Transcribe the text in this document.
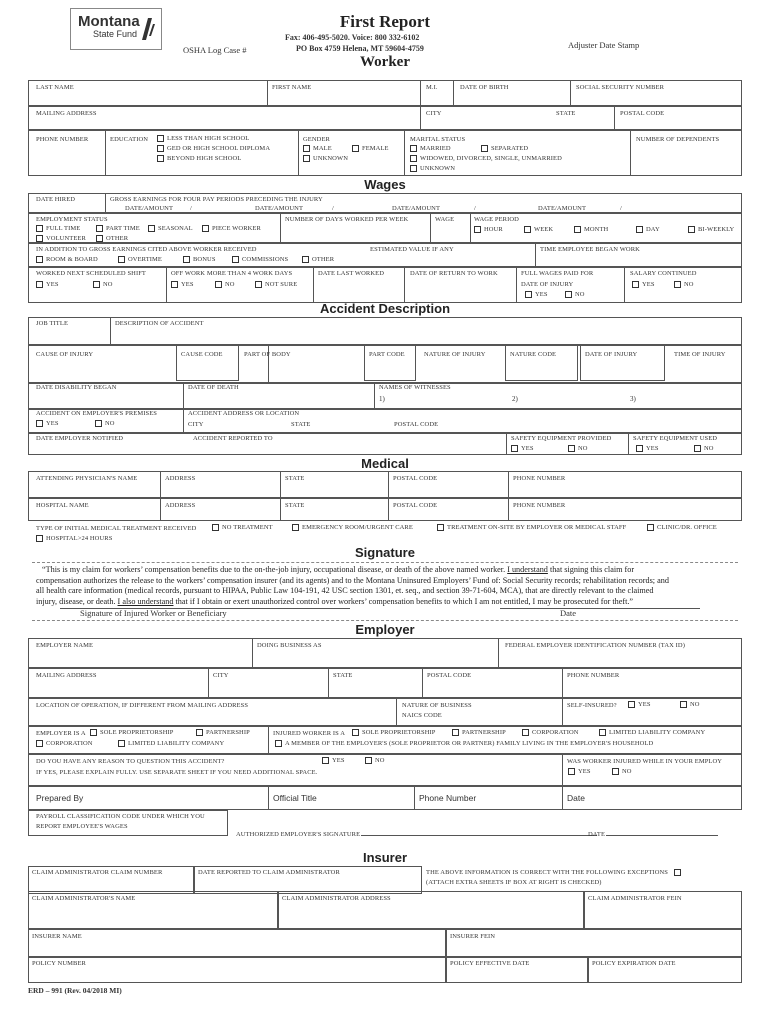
Montana
State Fund
OSHA Log Case #
First Report
Fax: 406-495-5020. Voice: 800 332-6102
PO Box 4759 Helena, MT 59604-4759
Worker
Adjuster Date Stamp
LAST NAME	FIRST NAME	M.I.	DATE OF BIRTH	SOCIAL SECURITY NUMBER
MAILING ADDRESS	CITY	STATE	POSTAL CODE
PHONE NUMBER	EDUCATION	LESS THAN HIGH SCHOOL
GED OR HIGH SCHOOL DIPLOMA
BEYOND HIGH SCHOOL
GENDER
MALE	FEMALE
UNKNOWN
MARITAL STATUS
MARRIED	SEPARATED
WIDOWED, DIVORCED, SINGLE, UNMARRIED
UNKNOWN
NUMBER OF DEPENDENTS
Wages
DATE HIRED	GROSS EARNINGS FOR FOUR PAY PERIODS PRECEDING THE INJURY
DATE/AMOUNT	/	DATE/AMOUNT	/	DATE/AMOUNT	/	DATE/AMOUNT	/
EMPLOYMENT STATUS
FULL TIME	PART TIME	SEASONAL	PIECE WORKER
VOLUNTEER	OTHER
NUMBER OF DAYS WORKED PER WEEK	WAGE	WAGE PERIOD
HOUR	WEEK	MONTH	DAY	BI-WEEKLY
IN ADDITION TO GROSS EARNINGS CITED ABOVE WORKER RECEIVED
ROOM & BOARD	OVERTIME	BONUS	COMMISSIONS	OTHER
ESTIMATED VALUE IF ANY	TIME EMPLOYEE BEGAN WORK
WORKED NEXT SCHEDULED SHIFT
YES	NO
OFF WORK MORE THAN 4 WORK DAYS
YES	NO	NOT SURE
DATE LAST WORKED	DATE OF RETURN TO WORK	FULL WAGES PAID FOR
DATE OF INJURY
YES	NO
SALARY CONTINUED
YES	NO
Accident Description
JOB TITLE	DESCRIPTION OF ACCIDENT
CAUSE OF INJURY	CAUSE CODE	PART OF BODY	PART CODE	NATURE OF INJURY	NATURE CODE	DATE OF INJURY	TIME OF INJURY
DATE DISABILITY BEGAN	DATE OF DEATH	NAMES OF WITNESSES
1)	2)	3)
ACCIDENT ON EMPLOYER'S PREMISES
YES	NO
ACCIDENT ADDRESS OR LOCATION
CITY	STATE	POSTAL CODE
DATE EMPLOYER NOTIFIED	ACCIDENT REPORTED TO	SAFETY EQUIPMENT PROVIDED
YES	NO
SAFETY EQUIPMENT USED
YES	NO
Medical
ATTENDING PHYSICIAN'S NAME	ADDRESS	STATE	POSTAL CODE	PHONE NUMBER
HOSPITAL NAME	ADDRESS	STATE	POSTAL CODE	PHONE NUMBER
TYPE OF INITIAL MEDICAL TREATMENT RECEIVED	NO TREATMENT	EMERGENCY ROOM/URGENT CARE	TREATMENT ON-SITE BY EMPLOYER OR MEDICAL STAFF	CLINIC/DR. OFFICE
HOSPITAL>24 HOURS
Signature
“This is my claim for workers’ compensation benefits due to the on-the-job injury, occupational disease, or death of the above named worker. I understand that signing this claim for
compensation authorizes the release to the workers’ compensation insurer (and its agents) and to the Montana Uninsured Employers’ Fund of: Social Security records; rehabilitation records; and
all health care information (medical records, pursuant to HIPAA, Public Law 104-191, 42 USC section 1301, et. seq., and section 39-71-604, MCA), that are directly relevant to the claimed
injury, disease, or death. I also understand that if I obtain or exert unauthorized control over workers’ compensation benefits to which I am not entitled, I may be prosecuted for theft.”
Signature of Injured Worker or Beneficiary	Date
Employer
EMPLOYER NAME	DOING BUSINESS AS	FEDERAL EMPLOYER IDENTIFICATION NUMBER (TAX ID)
MAILING ADDRESS	CITY	STATE	POSTAL CODE	PHONE NUMBER
LOCATION OF OPERATION, IF DIFFERENT FROM MAILING ADDRESS	NATURE OF BUSINESS
NAICS CODE
SELF-INSURED?	YES	NO
EMPLOYER IS A	SOLE PROPRIETORSHIP	PARTNERSHIP
CORPORATION	LIMITED LIABILITY COMPANY
INJURED WORKER IS A	SOLE PROPRIETORSHIP	PARTNERSHIP	CORPORATION	LIMITED LIABILITY COMPANY
A MEMBER OF THE EMPLOYER'S (SOLE PROPRIETOR OR PARTNER) FAMILY LIVING IN THE EMPLOYER'S HOUSEHOLD
DO YOU HAVE ANY REASON TO QUESTION THIS ACCIDENT?	YES	NO
IF YES, PLEASE EXPLAIN FULLY. USE SEPARATE SHEET IF YOU NEED ADDITIONAL SPACE.
WAS WORKER INJURED WHILE IN YOUR EMPLOY
YES	NO
Prepared By	Official Title	Phone Number	Date
PAYROLL CLASSIFICATION CODE UNDER WHICH YOU
REPORT EMPLOYEE'S WAGES
AUTHORIZED EMPLOYER'S SIGNATURE	DATE
Insurer
CLAIM ADMINISTRATOR CLAIM NUMBER	DATE REPORTED TO CLAIM ADMINISTRATOR	THE ABOVE INFORMATION IS CORRECT WITH THE FOLLOWING EXCEPTIONS
(ATTACH EXTRA SHEETS IF BOX AT RIGHT IS CHECKED)
CLAIM ADMINISTRATOR'S NAME	CLAIM ADMINISTRATOR ADDRESS	CLAIM ADMINISTRATOR FEIN
INSURER NAME	INSURER FEIN
POLICY NUMBER	POLICY EFFECTIVE DATE	POLICY EXPIRATION DATE
ERD – 991 (Rev. 04/2018 MI)
